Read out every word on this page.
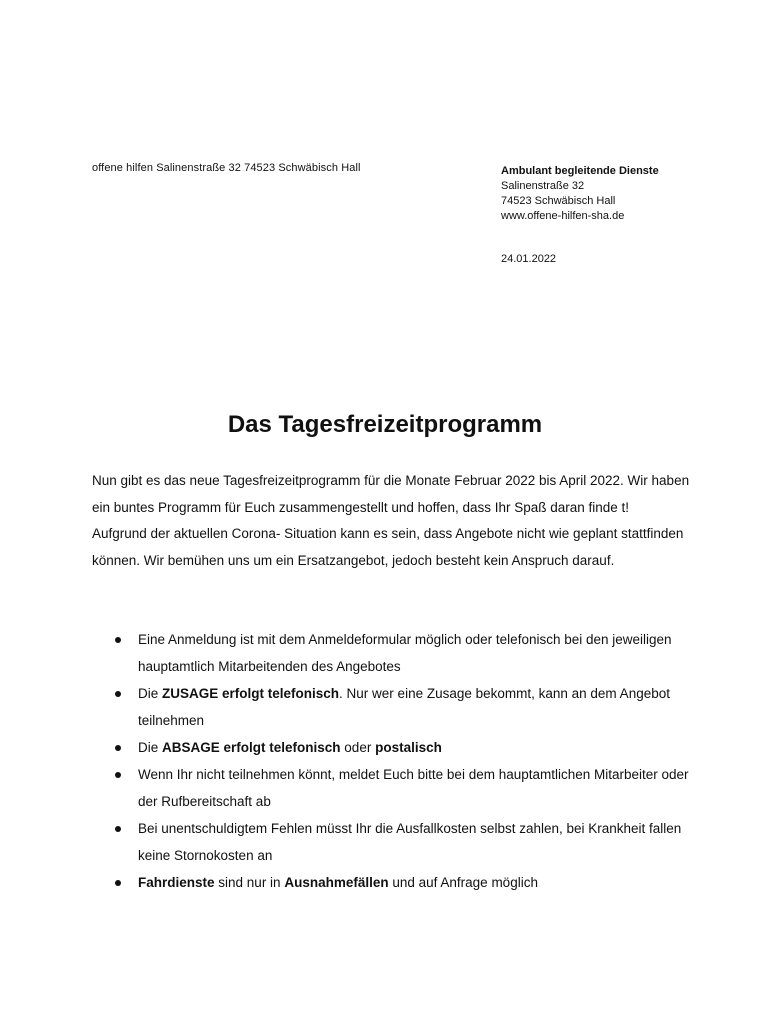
offene hilfen Salinenstraße 32 74523 Schwäbisch Hall	Ambulant begleitende Dienste
Salinenstraße 32
74523 Schwäbisch Hall
www.offene-hilfen-sha.de
24.01.2022
Das Tagesfreizeitprogramm

Nun gibt es das neue Tagesfreizeitprogramm für die Monate Februar 2022 bis April 2022. Wir haben ein buntes Programm für Euch zusammengestellt und hoffen, dass Ihr Spaß daran finde t!

Aufgrund der aktuellen Corona- Situation kann es sein, dass Angebote nicht wie geplant stattfinden können. Wir bemühen uns um ein Ersatzangebot, jedoch besteht kein Anspruch darauf.

Eine Anmeldung ist mit dem Anmeldeformular möglich oder telefonisch bei den jeweiligen hauptamtlich Mitarbeitenden des Angebotes
Die ZUSAGE erfolgt telefonisch. Nur wer eine Zusage bekommt, kann an dem Angebot teilnehmen
Die ABSAGE erfolgt telefonisch oder postalisch
Wenn Ihr nicht teilnehmen könnt, meldet Euch bitte bei dem hauptamtlichen Mitarbeiter oder der Rufbereitschaft ab
Bei unentschuldigtem Fehlen müsst Ihr die Ausfallkosten selbst zahlen, bei Krankheit fallen keine Stornokosten an
Fahrdienste sind nur in Ausnahmefällen und auf Anfrage möglich
